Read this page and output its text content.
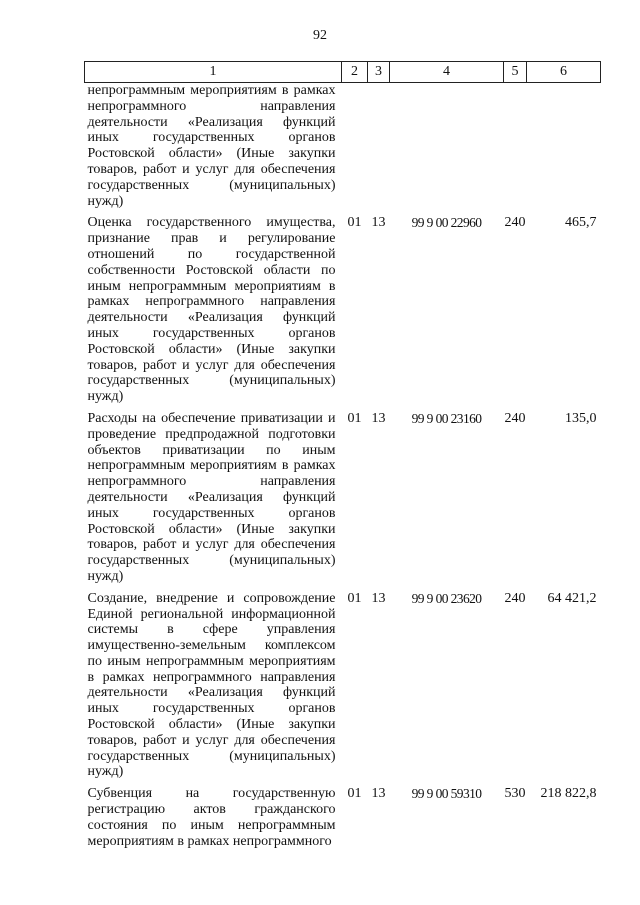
92
1	2	3	4	5	6
непрограммным мероприятиям в рамках непрограммного направления деятельности «Реализация функций иных государственных органов Ростовской области» (Иные закупки товаров, работ и услуг для обеспечения государственных (муниципальных) нужд)					
Оценка государственного имущества, признание прав и регулирование отношений по государственной собственности Ростовской области по иным непрограммным мероприятиям в рамках непрограммного направления деятельности «Реализация функций иных государственных органов Ростовской области» (Иные закупки товаров, работ и услуг для обеспечения государственных (муниципальных) нужд)	01	13	99 9 00 22960	240	465,7
Расходы на обеспечение приватизации и проведение предпродажной подготовки объектов приватизации по иным непрограммным мероприятиям в рамках непрограммного направления деятельности «Реализация функций иных государственных органов Ростовской области» (Иные закупки товаров, работ и услуг для обеспечения государственных (муниципальных) нужд)	01	13	99 9 00 23160	240	135,0
Создание, внедрение и сопровождение Единой региональной информационной системы в сфере управления имущественно-земельным комплексом по иным непрограммным мероприятиям в рамках непрограммного направления деятельности «Реализация функций иных государственных органов Ростовской области» (Иные закупки товаров, работ и услуг для обеспечения государственных (муниципальных) нужд)	01	13	99 9 00 23620	240	64 421,2
Субвенция на государственную регистрацию актов гражданского состояния по иным непрограммным мероприятиям в рамках непрограммного	01	13	99 9 00 59310	530	218 822,8
